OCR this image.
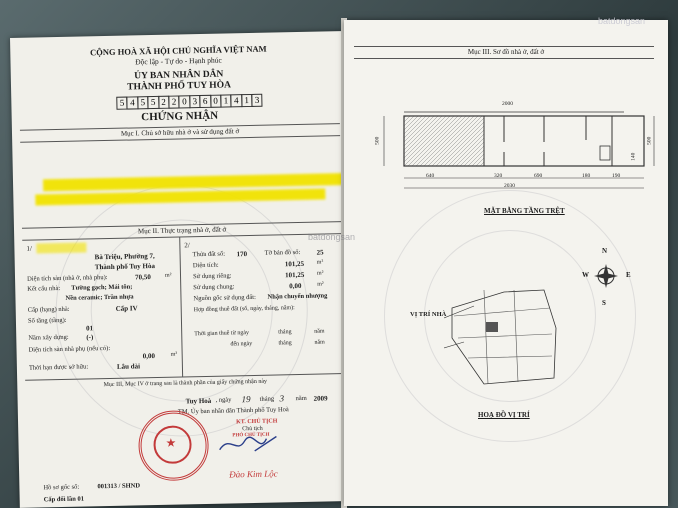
CỘNG HOÀ XÃ HỘI CHỦ NGHĨA VIỆT NAM
Độc lập - Tự do - Hạnh phúc
ỦY BAN NHÂN DÂN
THÀNH PHỐ TUY HÒA
5 4 5 5 2 2 0 3 6 0 1 4 1 3
CHỨNG NHẬN
Mục I. Chủ sở hữu nhà ở và sử dụng đất ở
Mục II. Thực trạng nhà ở, đất ở
1/
Bà Triệu, Phường 7,
Thành phố Tuy Hòa
Diện tích sàn (nhà ở, nhà phụ):	70,50 m²
Kết cấu nhà: Tường gạch; Mái tôn;
Nền ceramic; Trần nhựa
Cấp (hạng) nhà:	Cấp IV
Số tầng (tầng):
01
Năm xây dựng: (-)
Diện tích sàn nhà phụ (nếu có):
0,00	m²
Thời hạn được sở hữu:	Lâu dài
2/
Thửa đất số: 170	Tờ bản đồ số: 25
Diện tích:	101,25 m²
Sử dụng riêng:	101,25 m²
Sử dụng chung:	0,00	m²
Nguồn gốc sử dụng đất: Nhận chuyển nhượng
Hợp đồng thuê đất (số, ngày, tháng, năm):
Thời gian thuê từ ngày	tháng	năm
đến ngày	tháng	năm
Mục III, Mục IV ở trang sau là thành phần của giấy chứng nhận này
Tuy Hoà , ngày 19 tháng 3 năm 2009
TM. Ủy ban nhân dân Thành phố Tuy Hoà
KT. CHỦ TỊCH
Chủ tịch
PHÓ CHỦ TỊCH
★
Đào Kim Lộc
Hồ sơ gốc số:	001313 / SHND
Cấp đổi lần 01
Mục III. Sơ đồ nhà ở, đất ở
2000
640	320	690	180	190
2030
500	500
140
MẶT BẰNG TẦNG TRỆT
N
S
E
W
VỊ TRÍ NHÀ
HOẠ ĐỒ VỊ TRÍ
batdongsan
batdongsan
